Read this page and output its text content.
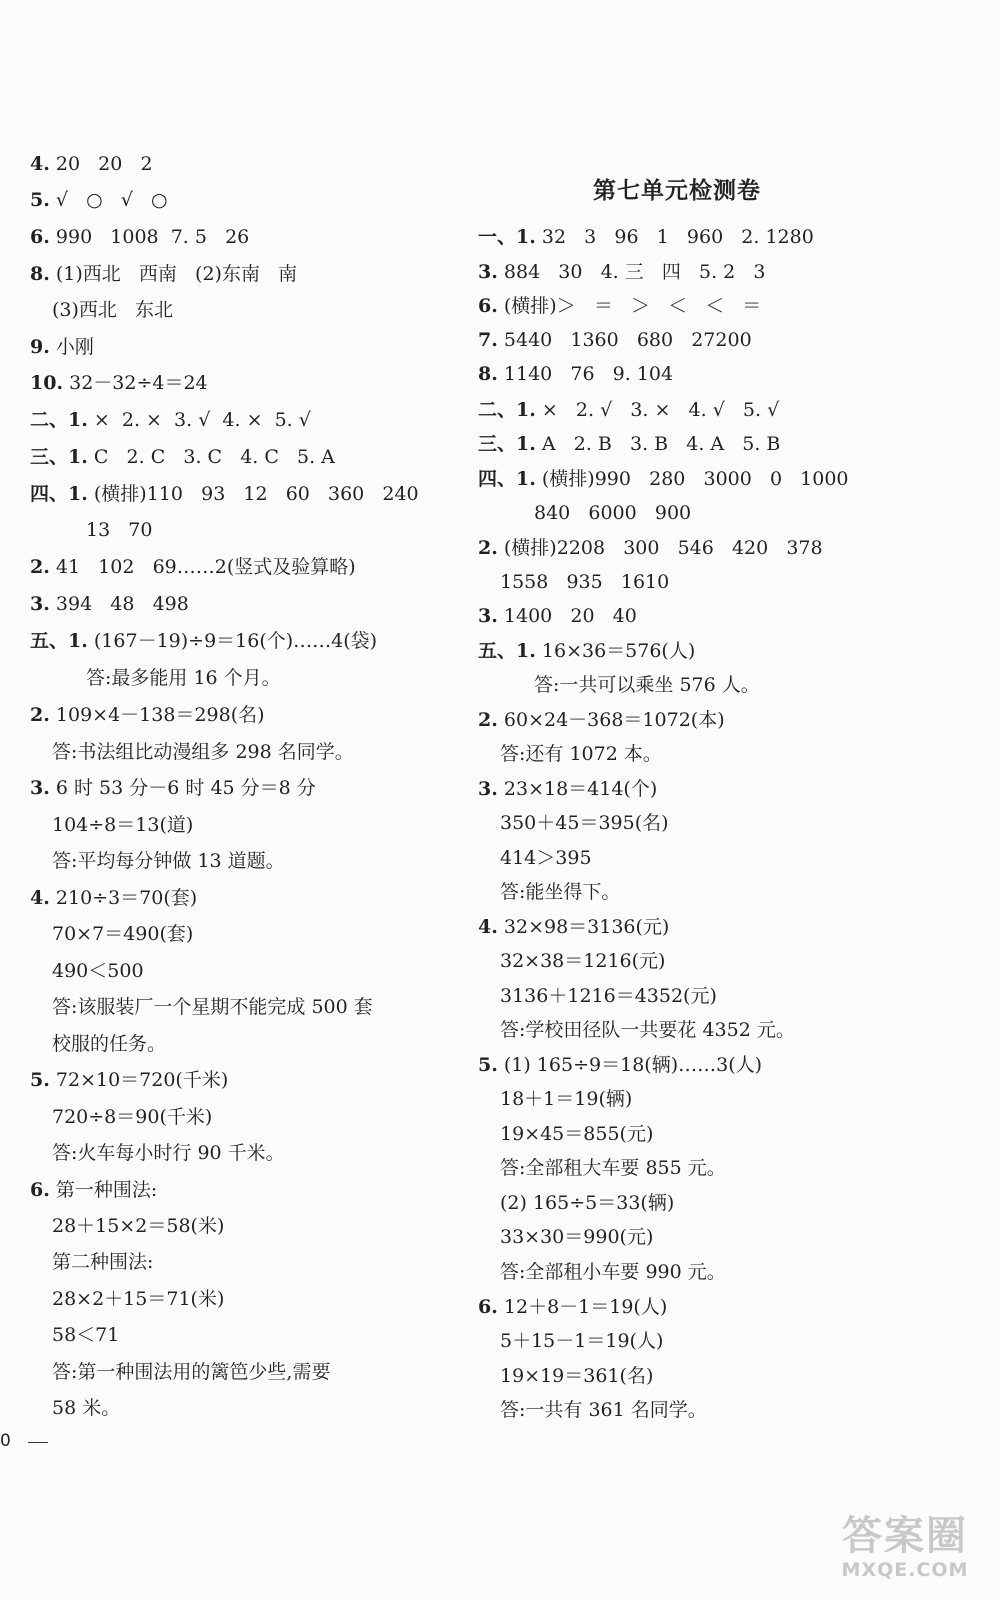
4. 20   20   2
5. √   ○   √   ○
6. 990   1008  7. 5   26
8. (1)西北   西南   (2)东南   南
(3)西北   东北
9. 小刚
10. 32－32÷4＝24
二、1. ×  2. ×  3. √  4. ×  5. √
三、1. C   2. C   3. C   4. C   5. A
四、1. (横排)110   93   12   60   360   240
13   70
2. 41   102   69……2(竖式及验算略)
3. 394   48   498
五、1. (167－19)÷9＝16(个)……4(袋)
答:最多能用 16 个月。
2. 109×4－138＝298(名)
答:书法组比动漫组多 298 名同学。
3. 6 时 53 分－6 时 45 分＝8 分
104÷8＝13(道)
答:平均每分钟做 13 道题。
4. 210÷3＝70(套)
70×7＝490(套)
490＜500
答:该服装厂一个星期不能完成 500 套
校服的任务。
5. 72×10＝720(千米)
720÷8＝90(千米)
答:火车每小时行 90 千米。
6. 第一种围法:
28＋15×2＝58(米)
第二种围法:
28×2＋15＝71(米)
58＜71
答:第一种围法用的篱笆少些,需要
58 米。
第七单元检测卷
一、1. 32   3   96   1   960   2. 1280
3. 884   30   4. 三   四   5. 2   3
6. (横排)＞   ＝   ＞   ＜   ＜   ＝
7. 5440   1360   680   27200
8. 1140   76   9. 104
二、1. ×   2. √   3. ×   4. √   5. √
三、1. A   2. B   3. B   4. A   5. B
四、1. (横排)990   280   3000   0   1000
840   6000   900
2. (横排)2208   300   546   420   378
1558   935   1610
3. 1400   20   40
五、1. 16×36＝576(人)
答:一共可以乘坐 576 人。
2. 60×24－368＝1072(本)
答:还有 1072 本。
3. 23×18＝414(个)
350＋45＝395(名)
414＞395
答:能坐得下。
4. 32×98＝3136(元)
32×38＝1216(元)
3136＋1216＝4352(元)
答:学校田径队一共要花 4352 元。
5. (1) 165÷9＝18(辆)……3(人)
18＋1＝19(辆)
19×45＝855(元)
答:全部租大车要 855 元。
(2) 165÷5＝33(辆)
33×30＝990(元)
答:全部租小车要 990 元。
6. 12＋8－1＝19(人)
5＋15－1＝19(人)
19×19＝361(名)
答:一共有 361 名同学。
0
答案圈
MXQE.COM
